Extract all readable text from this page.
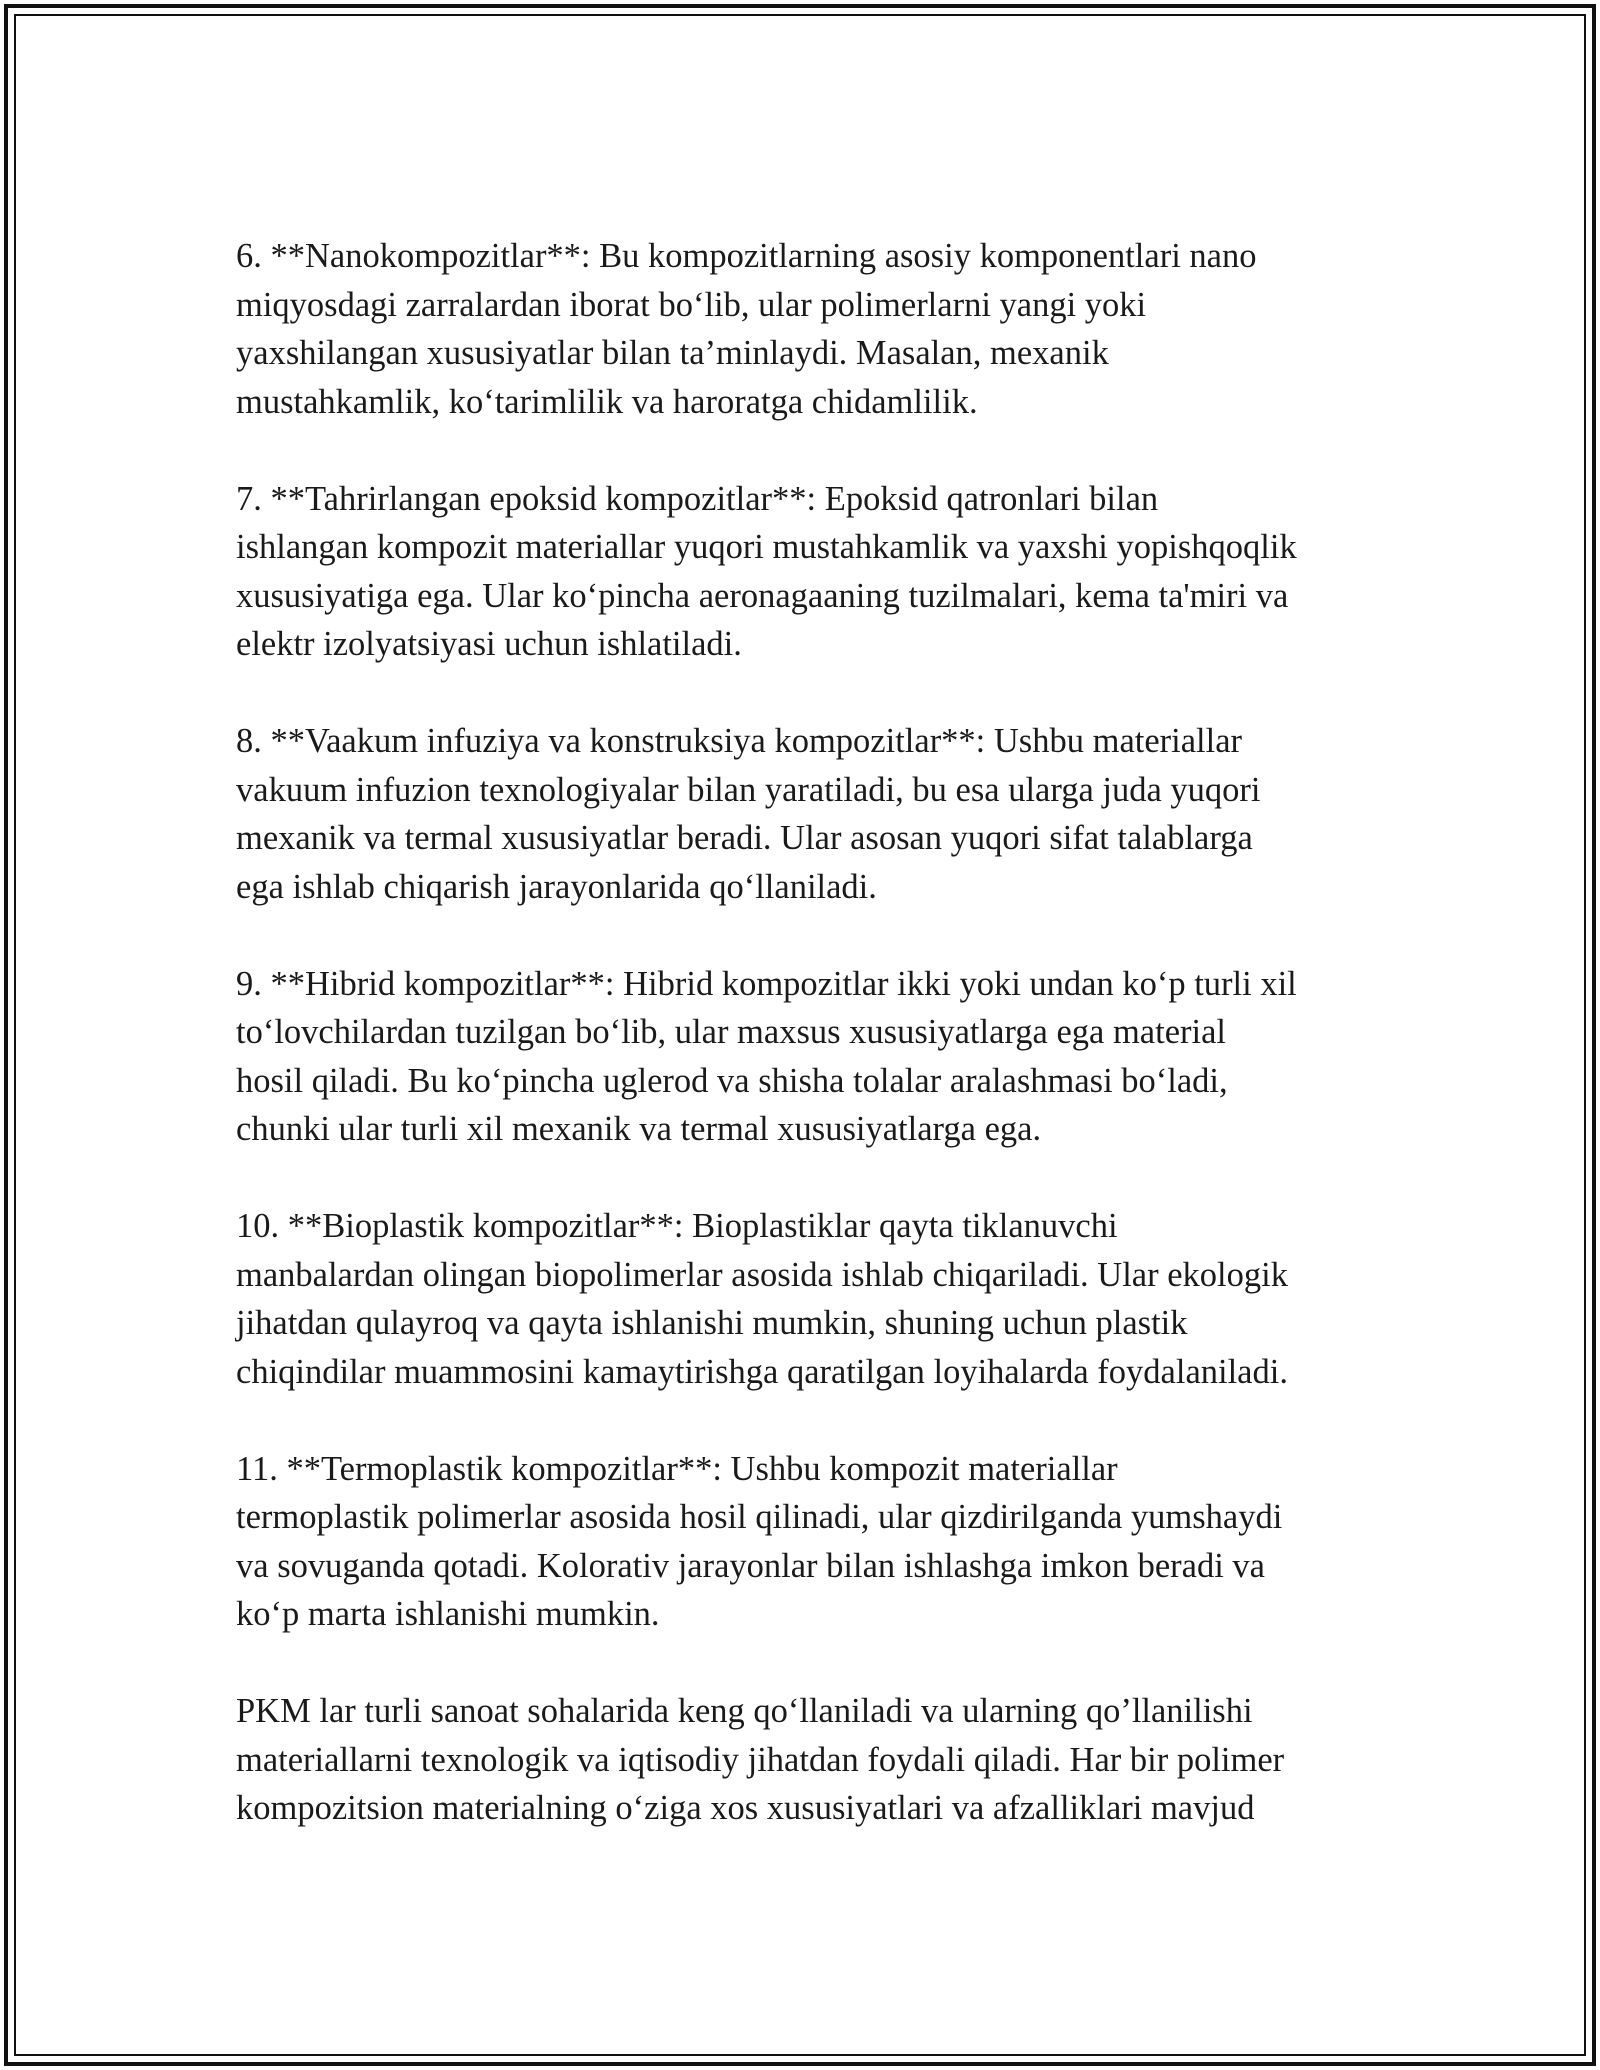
6. **Nanokompozitlar**: Bu kompozitlarning asosiy komponentlari nano
miqyosdagi zarralardan iborat bo‘lib, ular polimerlarni yangi yoki
yaxshilangan xususiyatlar bilan ta’minlaydi. Masalan, mexanik
mustahkamlik, ko‘tarimlilik va haroratga chidamlilik.

7. **Tahrirlangan epoksid kompozitlar**: Epoksid qatronlari bilan
ishlangan kompozit materiallar yuqori mustahkamlik va yaxshi yopishqoqlik
xususiyatiga ega. Ular ko‘pincha aeronagaaning tuzilmalari, kema ta'miri va
elektr izolyatsiyasi uchun ishlatiladi.

8. **Vaakum infuziya va konstruksiya kompozitlar**: Ushbu materiallar
vakuum infuzion texnologiyalar bilan yaratiladi, bu esa ularga juda yuqori
mexanik va termal xususiyatlar beradi. Ular asosan yuqori sifat talablarga
ega ishlab chiqarish jarayonlarida qo‘llaniladi.

9. **Hibrid kompozitlar**: Hibrid kompozitlar ikki yoki undan ko‘p turli xil
to‘lovchilardan tuzilgan bo‘lib, ular maxsus xususiyatlarga ega material
hosil qiladi. Bu ko‘pincha uglerod va shisha tolalar aralashmasi bo‘ladi,
chunki ular turli xil mexanik va termal xususiyatlarga ega.

10. **Bioplastik kompozitlar**: Bioplastiklar qayta tiklanuvchi
manbalardan olingan biopolimerlar asosida ishlab chiqariladi. Ular ekologik
jihatdan qulayroq va qayta ishlanishi mumkin, shuning uchun plastik
chiqindilar muammosini kamaytirishga qaratilgan loyihalarda foydalaniladi.

11. **Termoplastik kompozitlar**: Ushbu kompozit materiallar
termoplastik polimerlar asosida hosil qilinadi, ular qizdirilganda yumshaydi
va sovuganda qotadi. Kolorativ jarayonlar bilan ishlashga imkon beradi va
ko‘p marta ishlanishi mumkin.

PKM lar turli sanoat sohalarida keng qo‘llaniladi va ularning qo’llanilishi
materiallarni texnologik va iqtisodiy jihatdan foydali qiladi. Har bir polimer
kompozitsion materialning o‘ziga xos xususiyatlari va afzalliklari mavjud
